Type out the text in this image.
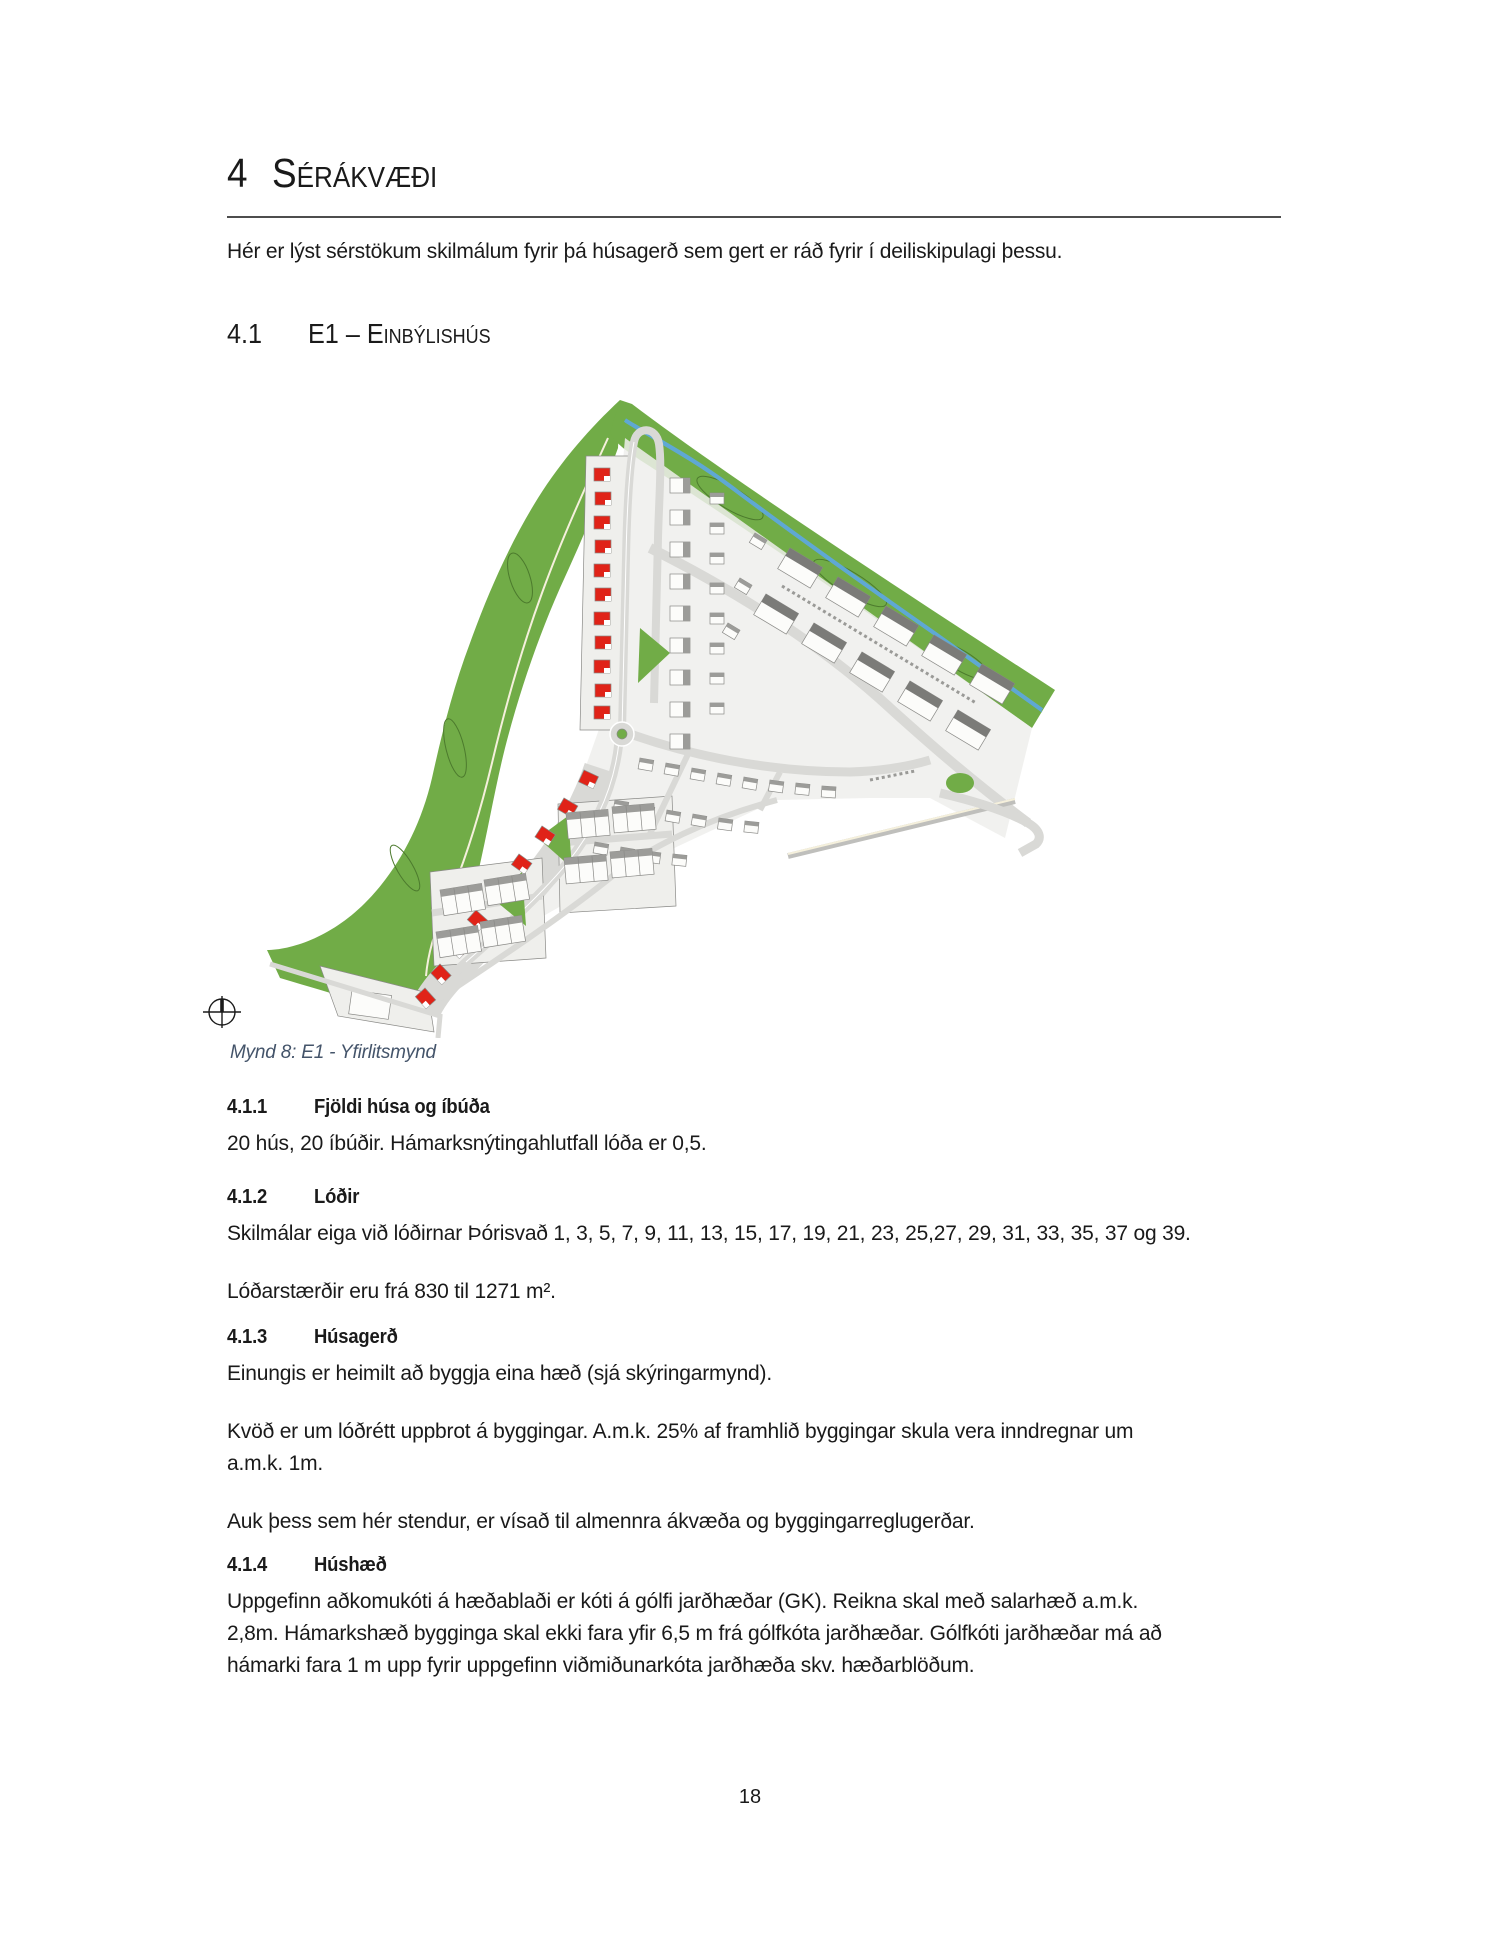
4 Sérákvæði
Hér er lýst sérstökum skilmálum fyrir þá húsagerð sem gert er ráð fyrir í deiliskipulagi þessu.
4.1 E1 – Einbýlishús
Mynd 8: E1 - Yfirlitsmynd
4.1.1	Fjöldi húsa og íbúða
20 hús, 20 íbúðir. Hámarksnýtingahlutfall lóða er 0,5.
4.1.2	Lóðir
Skilmálar eiga við lóðirnar Þórisvað 1, 3, 5, 7, 9, 11, 13, 15, 17, 19, 21, 23, 25,27, 29, 31, 33, 35, 37 og 39.
Lóðarstærðir eru frá 830 til 1271 m².
4.1.3	Húsagerð
Einungis er heimilt að byggja eina hæð (sjá skýringarmynd).
Kvöð er um lóðrétt uppbrot á byggingar. A.m.k. 25% af framhlið byggingar skula vera inndregnar um
a.m.k. 1m.
Auk þess sem hér stendur, er vísað til almennra ákvæða og byggingarreglugerðar.
4.1.4	Húshæð
Uppgefinn aðkomukóti á hæðablaði er kóti á gólfi jarðhæðar (GK). Reikna skal með salarhæð a.m.k.
2,8m. Hámarkshæð bygginga skal ekki fara yfir 6,5 m frá gólfkóta jarðhæðar. Gólfkóti jarðhæðar má að
hámarki fara 1 m upp fyrir uppgefinn viðmiðunarkóta jarðhæða skv. hæðarblöðum.
18
